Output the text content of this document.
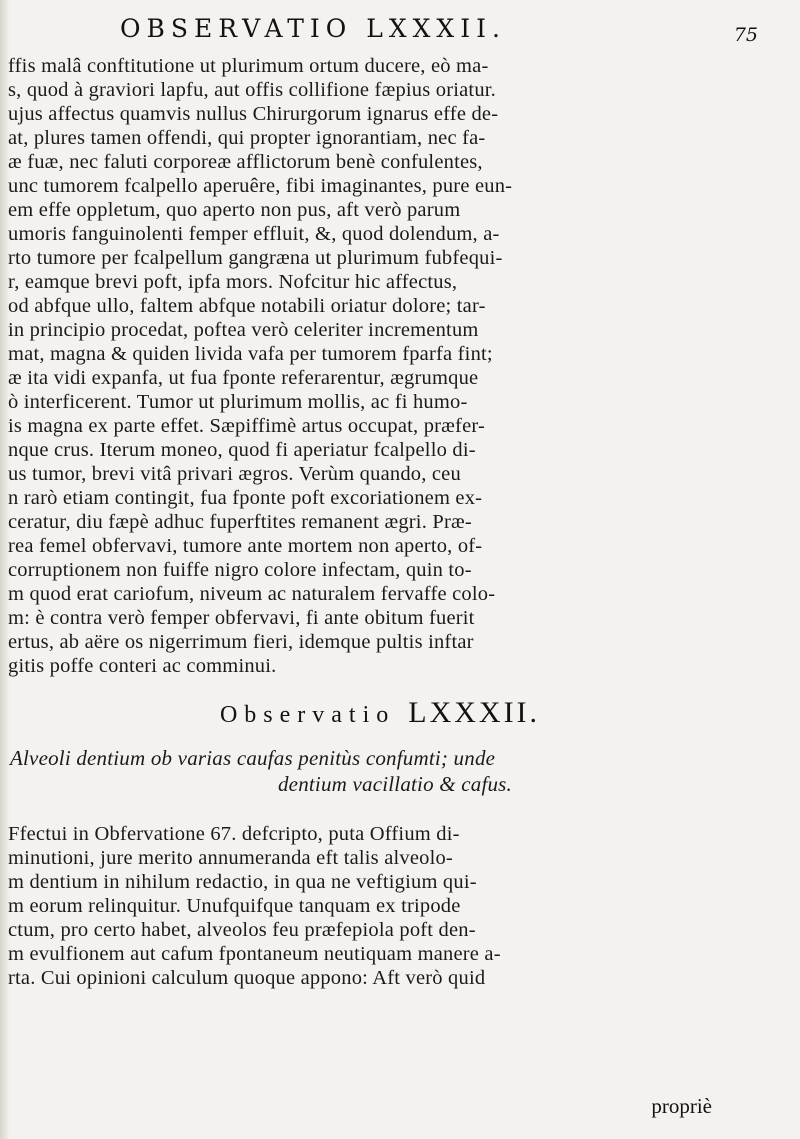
OBSERVATIO LXXXII.	75
ffis malâ conftitutione ut plurimum ortum ducere, eò ma-
s, quod à graviori lapfu, aut offis collifione fæpius oriatur.
ujus affectus quamvis nullus Chirurgorum ignarus effe de-
at, plures tamen offendi, qui propter ignorantiam, nec fa-
æ fuæ, nec faluti corporeæ afflictorum benè confulentes,
unc tumorem fcalpello aperuêre, fibi imaginantes, pure eun-
em effe oppletum, quo aperto non pus, aft verò parum
umoris fanguinolenti femper effluit, &, quod dolendum, a-
rto tumore per fcalpellum gangræna ut plurimum fubfequi-
r, eamque brevi poft, ipfa mors. Nofcitur hic affectus,
od abfque ullo, faltem abfque notabili oriatur dolore; tar-
in principio procedat, poftea verò celeriter incrementum
mat, magna & quiden livida vafa per tumorem fparfa fint;
æ ita vidi expanfa, ut fua fponte referarentur, ægrumque
ò interficerent. Tumor ut plurimum mollis, ac fi humo-
is magna ex parte effet. Sæpiffimè artus occupat, præfer-
nque crus. Iterum moneo, quod fi aperiatur fcalpello di-
us tumor, brevi vitâ privari ægros. Verùm quando, ceu
n rarò etiam contingit, fua fponte poft excoriationem ex-
ceratur, diu fæpè adhuc fuperftites remanent ægri. Præ-
rea femel obfervavi, tumore ante mortem non aperto, of-
corruptionem non fuiffe nigro colore infectam, quin to-
m quod erat cariofum, niveum ac naturalem fervaffe colo-
m: è contra verò femper obfervavi, fi ante obitum fuerit
ertus, ab aëre os nigerrimum fieri, idemque pultis inftar
gitis poffe conteri ac comminui.
Observatio LXXXII.
Alveoli dentium ob varias caufas penitùs confumti; unde
dentium vacillatio & cafus.
Ffectui in Obfervatione 67. defcripto, puta Offium di-
minutioni, jure merito annumeranda eft talis alveolo-
m dentium in nihilum redactio, in qua ne veftigium qui-
m eorum relinquitur. Unufquifque tanquam ex tripode
ctum, pro certo habet, alveolos feu præfepiola poft den-
m evulfionem aut cafum fpontaneum neutiquam manere a-
rta. Cui opinioni calculum quoque appono: Aft verò quid
propriè
